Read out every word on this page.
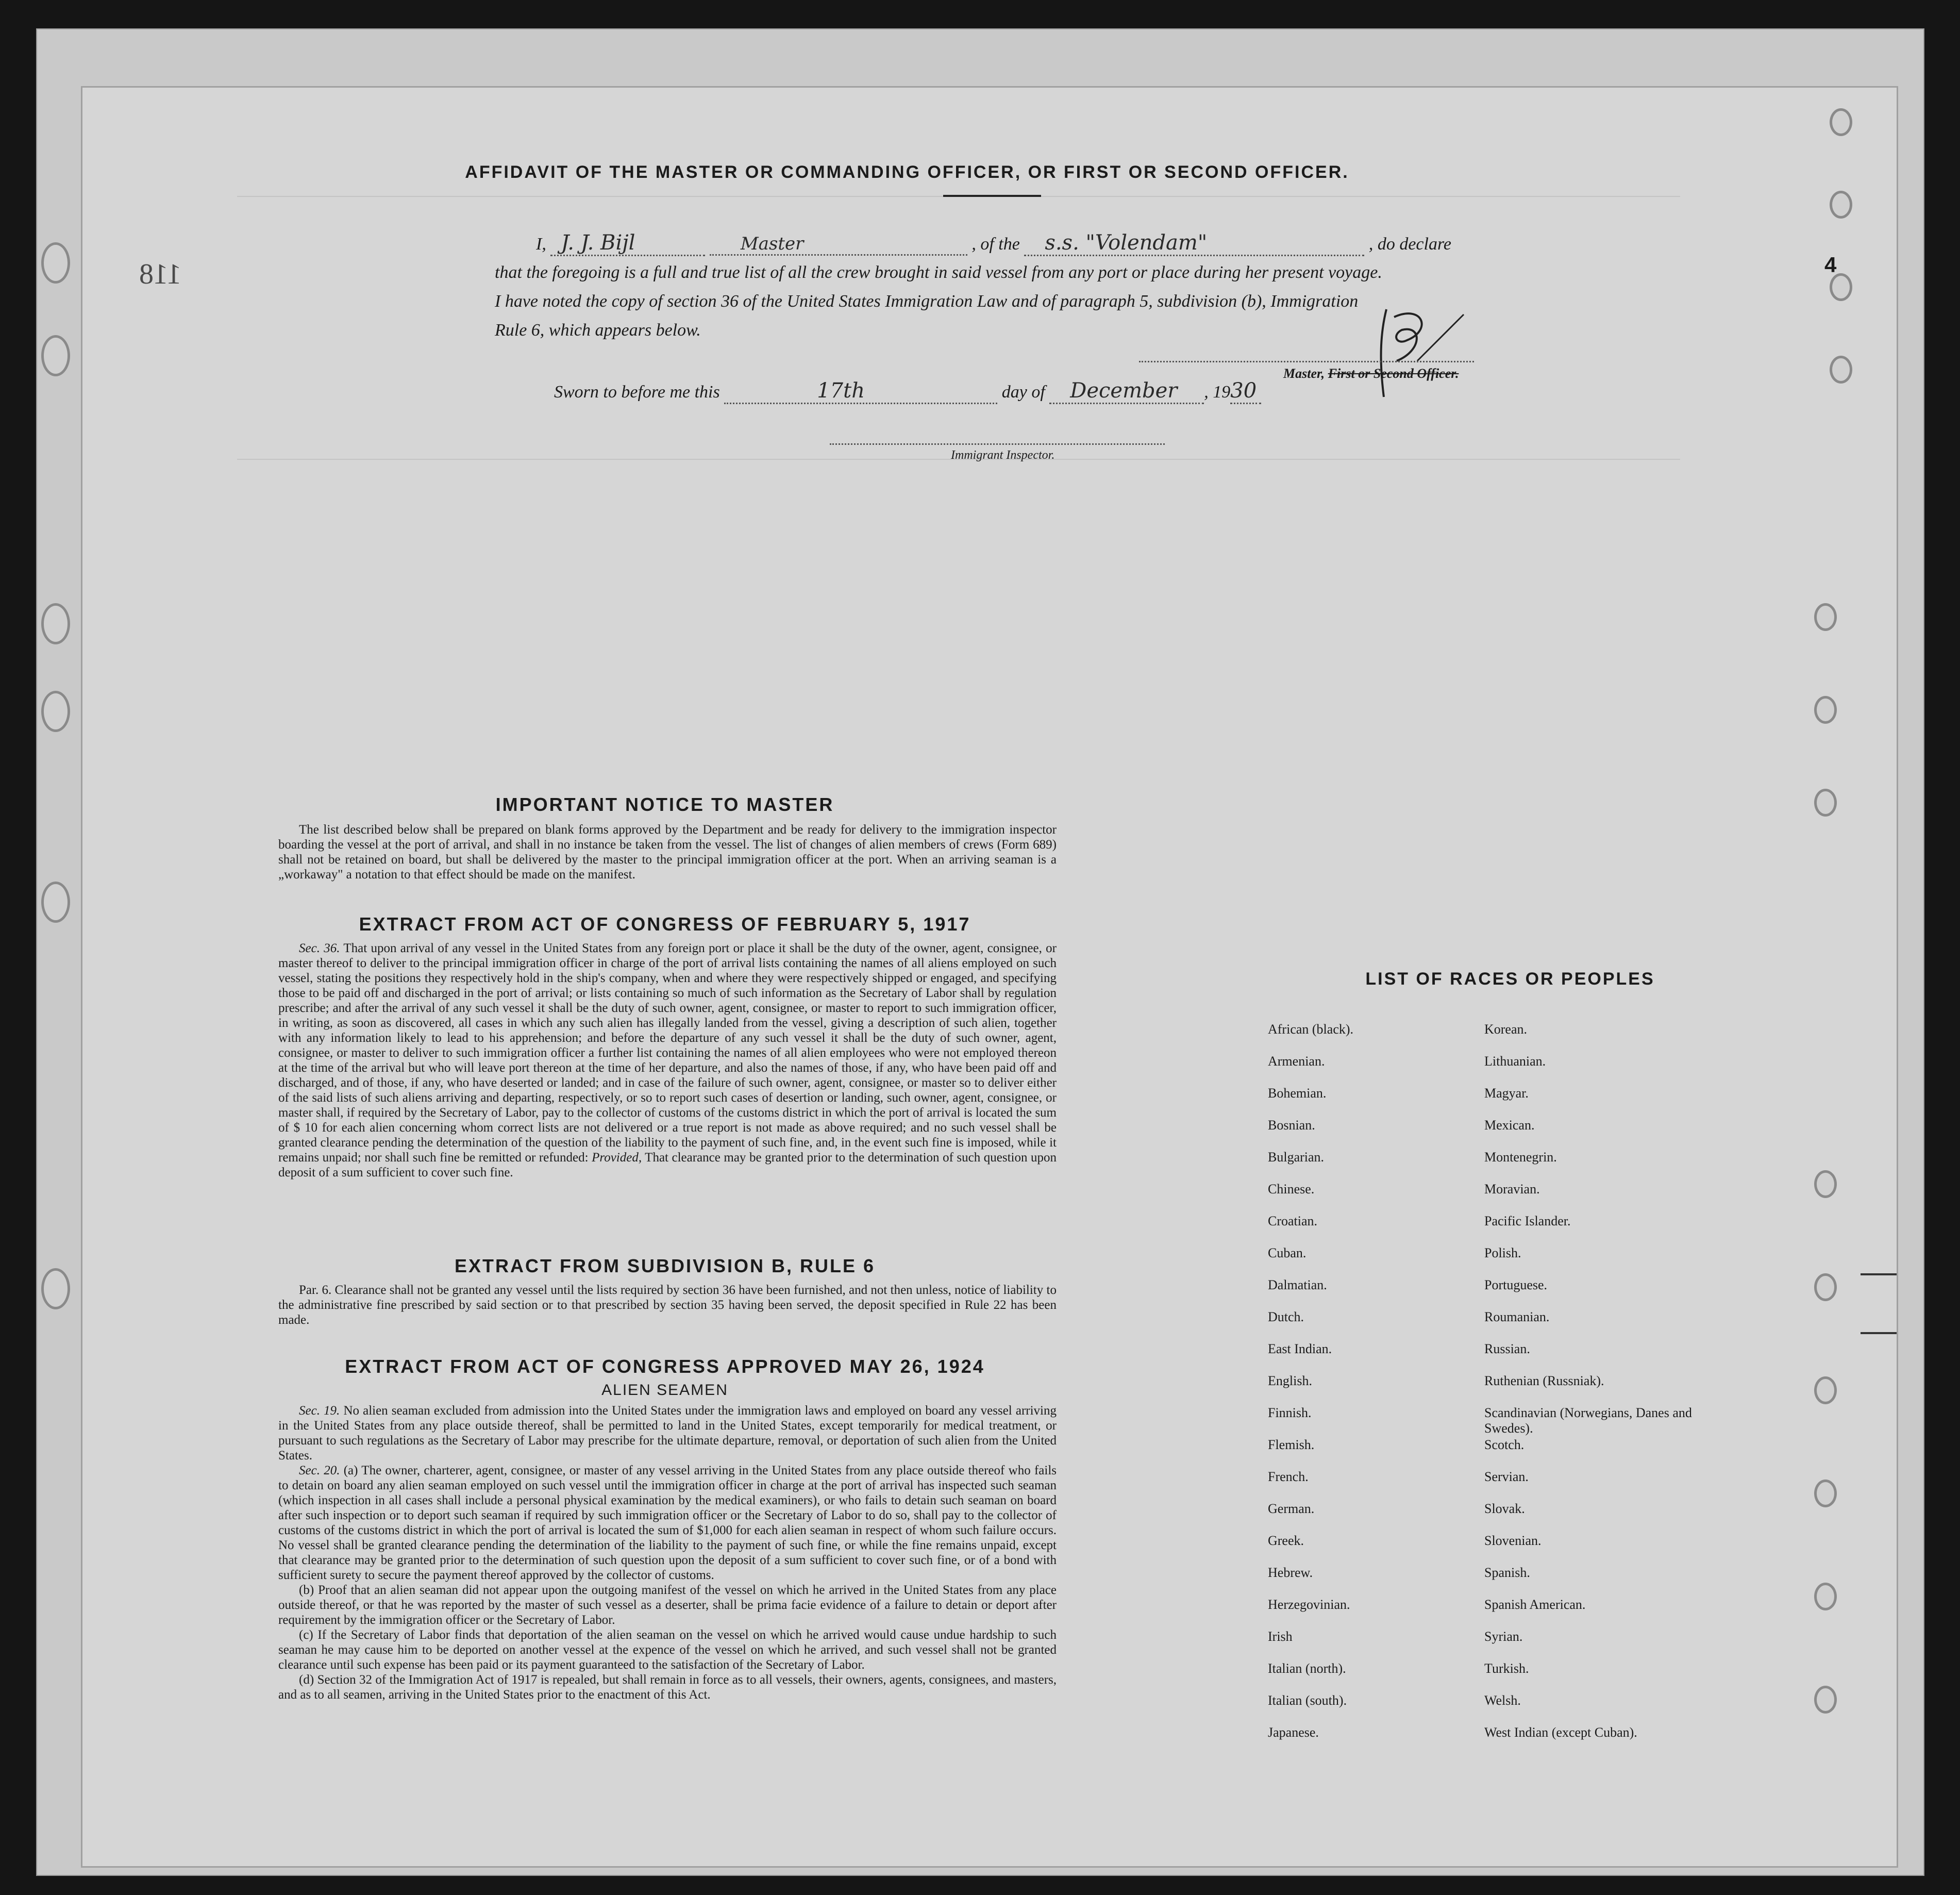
118	4
AFFIDAVIT OF THE MASTER OR COMMANDING OFFICER, OR FIRST OR SECOND OFFICER.
I, J. J. Bijl	Master	, of the s.s. "Volendam"	, do declare
that the foregoing is a full and true list of all the crew brought in said vessel from any port or place during her present voyage.
I have noted the copy of section 36 of the United States Immigration Law and of paragraph 5, subdivision (b), Immigration
Rule 6, which appears below.
Master, First or Second Officer.
Sworn to before me this	17th	day of December , 1930
Immigrant Inspector.
IMPORTANT NOTICE TO MASTER

The list described below shall be prepared on blank forms approved by the Department and be ready for delivery to the immigration inspector boarding the vessel at the port of arrival, and shall in no instance be taken from the vessel. The list of changes of alien members of crews (Form 689) shall not be retained on board, but shall be delivered by the master to the principal immigration officer at the port. When an arriving seaman is a „workaway" a notation to that effect should be made on the manifest.

EXTRACT FROM ACT OF CONGRESS OF FEBRUARY 5, 1917

Sec. 36. That upon arrival of any vessel in the United States from any foreign port or place it shall be the duty of the owner, agent, consignee, or master thereof to deliver to the principal immigration officer in charge of the port of arrival lists containing the names of all aliens employed on such vessel, stating the positions they respectively hold in the ship's company, when and where they were respectively shipped or engaged, and specifying those to be paid off and discharged in the port of arrival; or lists containing so much of such information as the Secretary of Labor shall by regulation prescribe; and after the arrival of any such vessel it shall be the duty of such owner, agent, consignee, or master to report to such immigration officer, in writing, as soon as discovered, all cases in which any such alien has illegally landed from the vessel, giving a description of such alien, together with any information likely to lead to his apprehension; and before the departure of any such vessel it shall be the duty of such owner, agent, consignee, or master to deliver to such immigration officer a further list containing the names of all alien employees who were not employed thereon at the time of the arrival but who will leave port thereon at the time of her departure, and also the names of those, if any, who have been paid off and discharged, and of those, if any, who have deserted or landed; and in case of the failure of such owner, agent, consignee, or master so to deliver either of the said lists of such aliens arriving and departing, respectively, or so to report such cases of desertion or landing, such owner, agent, consignee, or master shall, if required by the Secretary of Labor, pay to the collector of customs of the customs district in which the port of arrival is located the sum of $ 10 for each alien concerning whom correct lists are not delivered or a true report is not made as above required; and no such vessel shall be granted clearance pending the determination of the question of the liability to the payment of such fine, and, in the event such fine is imposed, while it remains unpaid; nor shall such fine be remitted or refunded: Provided, That clearance may be granted prior to the determination of such question upon deposit of a sum sufficient to cover such fine.

EXTRACT FROM SUBDIVISION B, RULE 6

Par. 6. Clearance shall not be granted any vessel until the lists required by section 36 have been furnished, and not then unless, notice of liability to the administrative fine prescribed by said section or to that prescribed by section 35 having been served, the deposit specified in Rule 22 has been made.

EXTRACT FROM ACT OF CONGRESS APPROVED MAY 26, 1924
ALIEN SEAMEN

Sec. 19. No alien seaman excluded from admission into the United States under the immigration laws and employed on board any vessel arriving in the United States from any place outside thereof, shall be permitted to land in the United States, except temporarily for medical treatment, or pursuant to such regulations as the Secretary of Labor may prescribe for the ultimate departure, removal, or deportation of such alien from the United States.

Sec. 20. (a) The owner, charterer, agent, consignee, or master of any vessel arriving in the United States from any place outside thereof who fails to detain on board any alien seaman employed on such vessel until the immigration officer in charge at the port of arrival has inspected such seaman (which inspection in all cases shall include a personal physical examination by the medical examiners), or who fails to detain such seaman on board after such inspection or to deport such seaman if required by such immigration officer or the Secretary of Labor to do so, shall pay to the collector of customs of the customs district in which the port of arrival is located the sum of $1,000 for each alien seaman in respect of whom such failure occurs. No vessel shall be granted clearance pending the determination of the liability to the payment of such fine, or while the fine remains unpaid, except that clearance may be granted prior to the determination of such question upon the deposit of a sum sufficient to cover such fine, or of a bond with sufficient surety to secure the payment thereof approved by the collector of customs.

(b) Proof that an alien seaman did not appear upon the outgoing manifest of the vessel on which he arrived in the United States from any place outside thereof, or that he was reported by the master of such vessel as a deserter, shall be prima facie evidence of a failure to detain or deport after requirement by the immigration officer or the Secretary of Labor.

(c) If the Secretary of Labor finds that deportation of the alien seaman on the vessel on which he arrived would cause undue hardship to such seaman he may cause him to be deported on another vessel at the expence of the vessel on which he arrived, and such vessel shall not be granted clearance until such expense has been paid or its payment guaranteed to the satisfaction of the Secretary of Labor.

(d) Section 32 of the Immigration Act of 1917 is repealed, but shall remain in force as to all vessels, their owners, agents, consignees, and masters, and as to all seamen, arriving in the United States prior to the enactment of this Act.

LIST OF RACES OR PEOPLES
African (black).
Armenian.
Bohemian.
Bosnian.
Bulgarian.
Chinese.
Croatian.
Cuban.
Dalmatian.
Dutch.
East Indian.
English.
Finnish.
Flemish.
French.
German.
Greek.
Hebrew.
Herzegovinian.
Irish
Italian (north).
Italian (south).
Japanese.
Korean.
Lithuanian.
Magyar.
Mexican.
Montenegrin.
Moravian.
Pacific Islander.
Polish.
Portuguese.
Roumanian.
Russian.
Ruthenian (Russniak).
Scandinavian (Norwegians, Danes and Swedes).
Scotch.
Servian.
Slovak.
Slovenian.
Spanish.
Spanish American.
Syrian.
Turkish.
Welsh.
West Indian (except Cuban).
